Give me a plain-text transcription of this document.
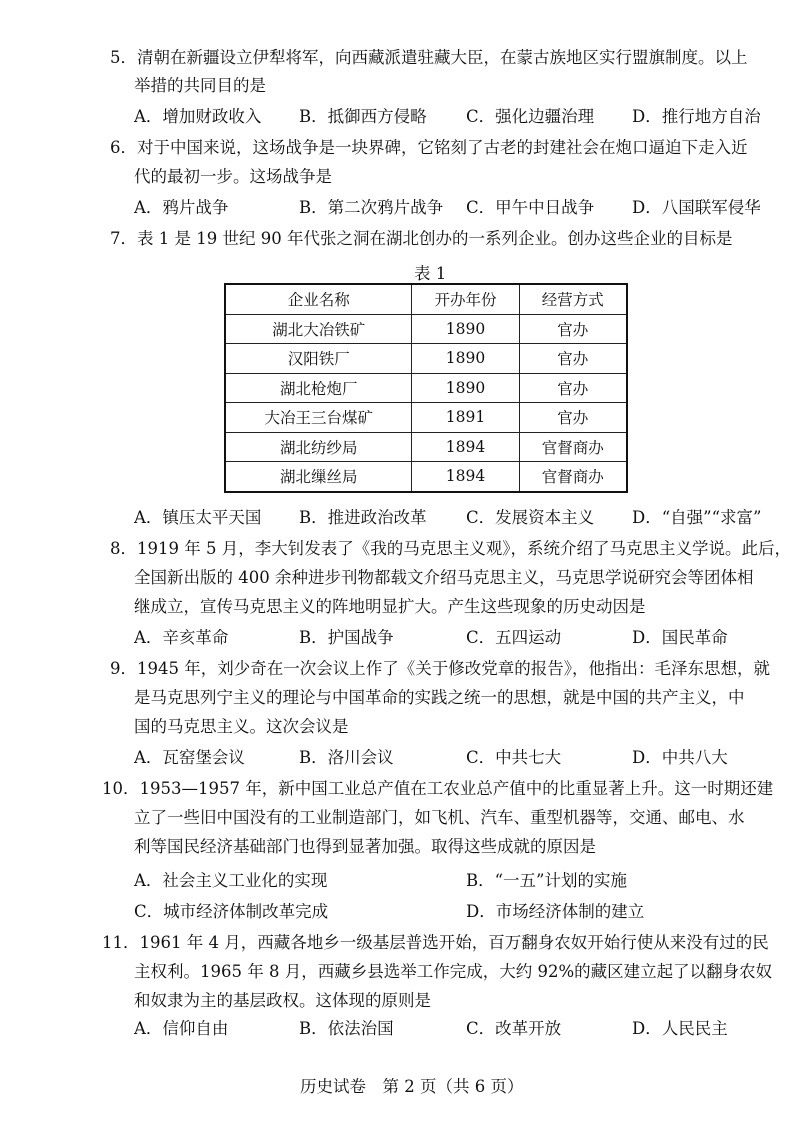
5．清朝在新疆设立伊犁将军，向西藏派遣驻藏大臣，在蒙古族地区实行盟旗制度。以上
举措的共同目的是
A．增加财政收入 B．抵御西方侵略 C．强化边疆治理 D．推行地方自治
6．对于中国来说，这场战争是一块界碑，它铭刻了古老的封建社会在炮口逼迫下走入近
代的最初一步。这场战争是
A．鸦片战争	B．第二次鸦片战争 C．甲午中日战争 D．八国联军侵华
7．表 1 是 19 世纪 90 年代张之洞在湖北创办的一系列企业。创办这些企业的目标是
表 1
企业名称	开办年份	经营方式
湖北大冶铁矿	1890	官办
汉阳铁厂	1890	官办
湖北枪炮厂	1890	官办
大冶王三台煤矿	1891	官办
湖北纺纱局	1894	官督商办
湖北缫丝局	1894	官督商办
A．镇压太平天国 B．推进政治改革 C．发展资本主义 D．“自强”“求富”
8．1919 年 5 月，李大钊发表了《我的马克思主义观》，系统介绍了马克思主义学说。此后，
全国新出版的 400 余种进步刊物都载文介绍马克思主义，马克思学说研究会等团体相
继成立，宣传马克思主义的阵地明显扩大。产生这些现象的历史动因是
A．辛亥革命	B．护国战争	C．五四运动	D．国民革命
9．1945 年，刘少奇在一次会议上作了《关于修改党章的报告》，他指出：毛泽东思想，就
是马克思列宁主义的理论与中国革命的实践之统一的思想，就是中国的共产主义，中
国的马克思主义。这次会议是
A．瓦窑堡会议	B．洛川会议	C．中共七大	D．中共八大
10．1953—1957 年，新中国工业总产值在工农业总产值中的比重显著上升。这一时期还建
立了一些旧中国没有的工业制造部门，如飞机、汽车、重型机器等，交通、邮电、水
利等国民经济基础部门也得到显著加强。取得这些成就的原因是
A．社会主义工业化的实现	B．“一五”计划的实施
C．城市经济体制改革完成	D．市场经济体制的建立
11．1961 年 4 月，西藏各地乡一级基层普选开始，百万翻身农奴开始行使从来没有过的民
主权利。1965 年 8 月，西藏乡县选举工作完成，大约 92%的藏区建立起了以翻身农奴
和奴隶为主的基层政权。这体现的原则是
A．信仰自由	B．依法治国	C．改革开放	D．人民民主
历史试卷　第 2 页（共 6 页）
